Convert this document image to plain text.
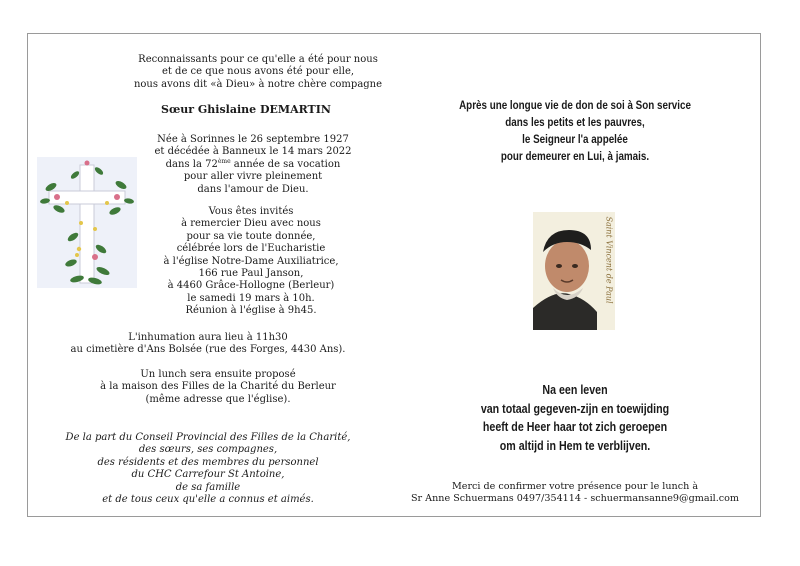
Reconnaissants pour ce qu'elle a été pour nous
et de ce que nous avons été pour elle,
nous avons dit «à Dieu» à notre chère compagne
Sœur Ghislaine DEMARTIN
Née à Sorinnes le 26 septembre 1927
et décédée à Banneux le 14 mars 2022
dans la 72ème année de sa vocation
pour aller vivre pleinement
dans l'amour de Dieu.
Vous êtes invités
à remercier Dieu avec nous
pour sa vie toute donnée,
célébrée lors de l'Eucharistie
à l'église Notre-Dame Auxiliatrice,
166 rue Paul Janson,
à 4460 Grâce-Hollogne (Berleur)
le samedi 19 mars à 10h.
Réunion à l'église à 9h45.
L'inhumation aura lieu à 11h30
au cimetière d'Ans Bolsée (rue des Forges, 4430 Ans).
Un lunch sera ensuite proposé
à la maison des Filles de la Charité du Berleur
(même adresse que l'église).
De la part du Conseil Provincial des Filles de la Charité,
des sœurs, ses compagnes,
des résidents et des membres du personnel
du CHC Carrefour St Antoine,
de sa famille
et de tous ceux qu'elle a connus et aimés.
Après une longue vie de don de soi à Son service
dans les petits et les pauvres,
le Seigneur l'a appelée
pour demeurer en Lui, à jamais.
Saint Vincent de Paul
Na een leven
van totaal gegeven-zijn en toewijding
heeft de Heer haar tot zich geroepen
om altijd in Hem te verblijven.
Merci de confirmer votre présence pour le lunch à
Sr Anne Schuermans 0497/354114 - schuermansanne9@gmail.com
